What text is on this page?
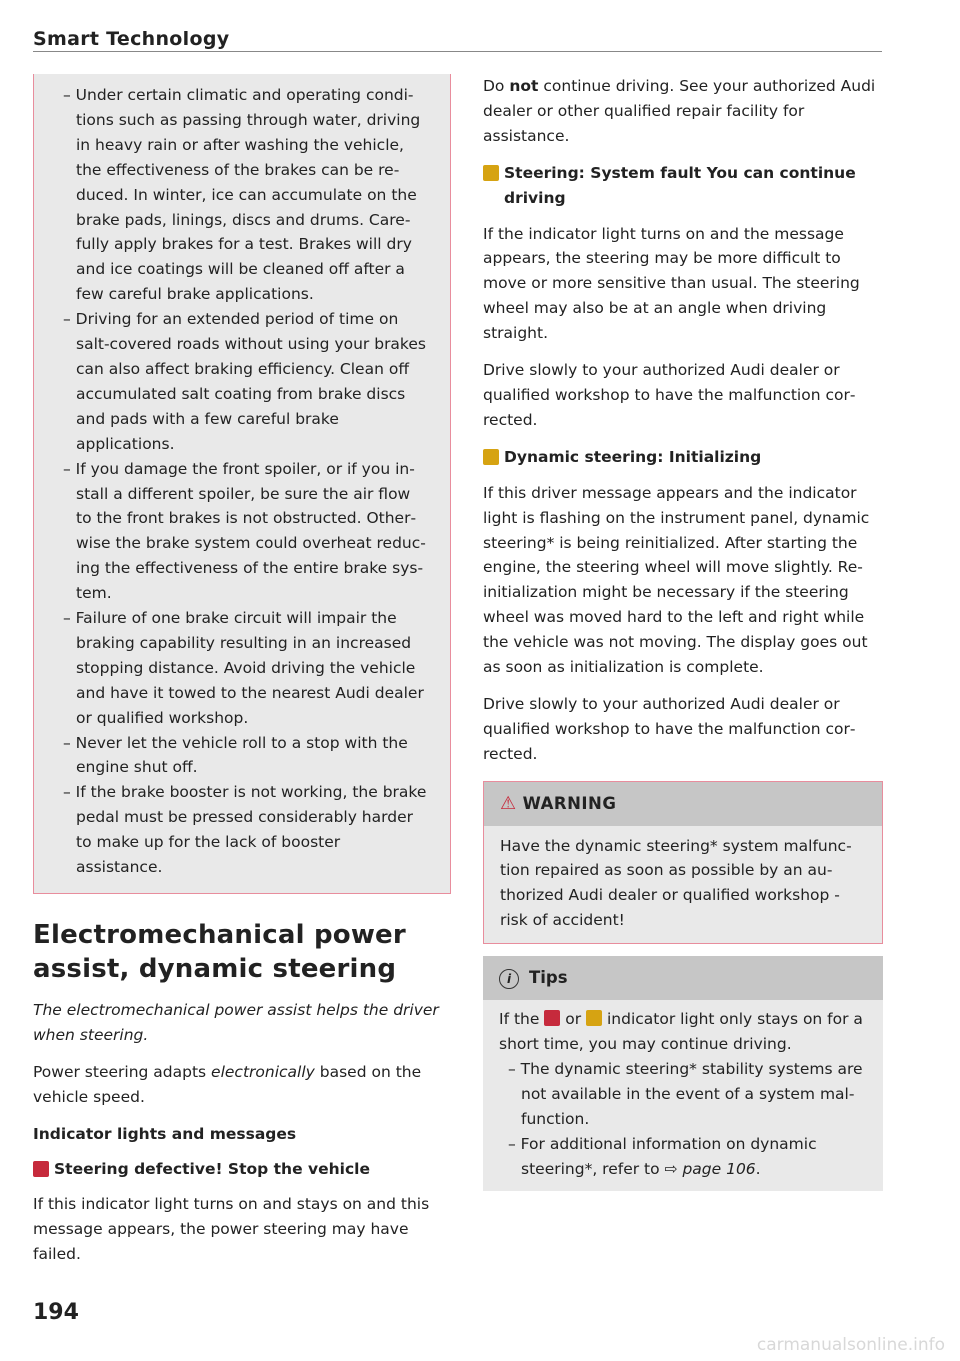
Smart Technology
– Under certain climatic and operating conditions such as passing through water, driving in heavy rain or after washing the vehicle, the effectiveness of the brakes can be reduced. In winter, ice can accumulate on the brake pads, linings, discs and drums. Carefully apply brakes for a test. Brakes will dry and ice coatings will be cleaned off after a few careful brake applications.
– Driving for an extended period of time on salt-covered roads without using your brakes can also affect braking efficiency. Clean off accumulated salt coating from brake discs and pads with a few careful brake applications.
– If you damage the front spoiler, or if you install a different spoiler, be sure the air flow to the front brakes is not obstructed. Otherwise the brake system could overheat reducing the effectiveness of the entire brake system.
– Failure of one brake circuit will impair the braking capability resulting in an increased stopping distance. Avoid driving the vehicle and have it towed to the nearest Audi dealer or qualified workshop.
– Never let the vehicle roll to a stop with the engine shut off.
– If the brake booster is not working, the brake pedal must be pressed considerably harder to make up for the lack of booster assistance.
Electromechanical power assist, dynamic steering

The electromechanical power assist helps the driver when steering.

Power steering adapts electronically based on the vehicle speed.

Indicator lights and messages
Steering defective! Stop the vehicle

If this indicator light turns on and stays on and this message appears, the power steering may have failed.

Do not continue driving. See your authorized Audi dealer or other qualified repair facility for assistance.

Steering: System fault You can continue driving

If the indicator light turns on and the message appears, the steering may be more difficult to move or more sensitive than usual. The steering wheel may also be at an angle when driving straight.

Drive slowly to your authorized Audi dealer or qualified workshop to have the malfunction corrected.

Dynamic steering: Initializing

If this driver message appears and the indicator light is flashing on the instrument panel, dynamic steering* is being reinitialized. After starting the engine, the steering wheel will move slightly. Re-initialization might be necessary if the steering wheel was moved hard to the left and right while the vehicle was not moving. The display goes out as soon as initialization is complete.

Drive slowly to your authorized Audi dealer or qualified workshop to have the malfunction corrected.

⚠ WARNING
Have the dynamic steering* system malfunction repaired as soon as possible by an authorized Audi dealer or qualified workshop - risk of accident!
i Tips
If the  or  indicator light only stays on for a short time, you may continue driving.
– The dynamic steering* stability systems are not available in the event of a system malfunction.
– For additional information on dynamic steering*, refer to ⇨ page 106.
194
carmanualsonline.info
